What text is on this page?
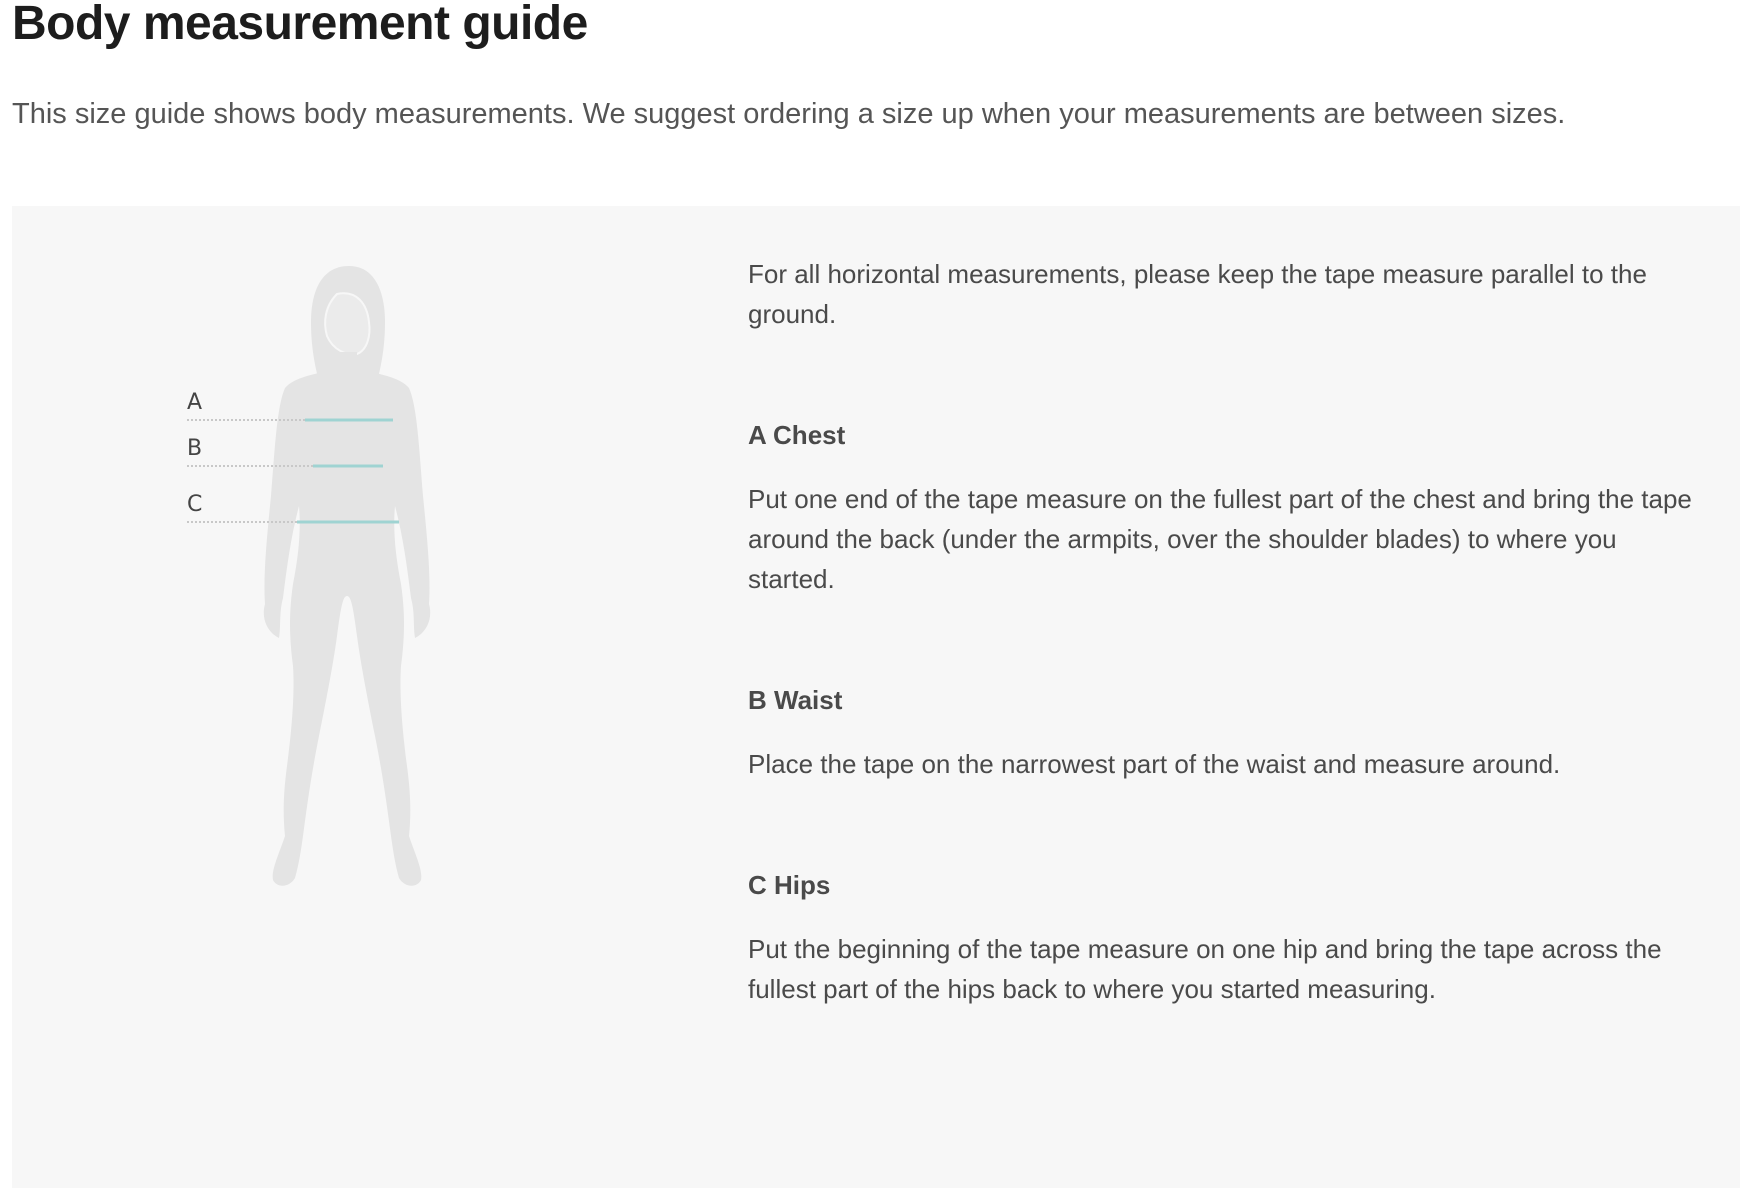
Body measurement guide

This size guide shows body measurements. We suggest ordering a size up when your measurements are between sizes.

A
B
C

For all horizontal measurements, please keep the tape measure parallel to the ground.

A Chest

Put one end of the tape measure on the fullest part of the chest and bring the tape around the back (under the armpits, over the shoulder blades) to where you started.

B Waist

Place the tape on the narrowest part of the waist and measure around.

C Hips

Put the beginning of the tape measure on one hip and bring the tape across the fullest part of the hips back to where you started measuring.
